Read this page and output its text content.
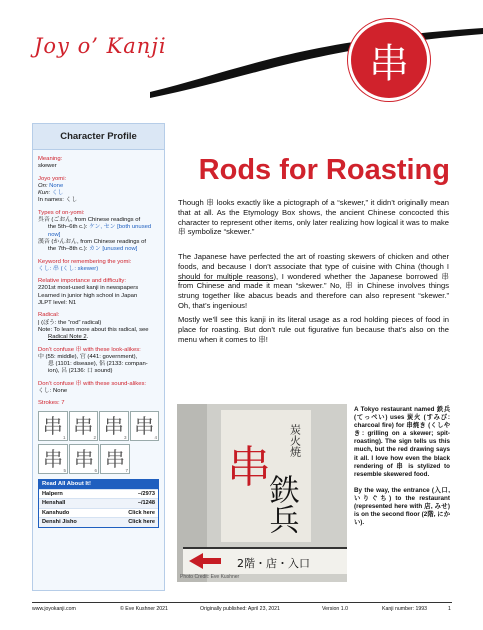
Joy o’ Kanji	串
Character Profile
Meaning:
skewer
Joyo yomi:
On: None
Kun: くし
In names: くし
Types of on-yomi:
呉音 (ごおん, from Chinese readings of
the 5th–6th c.): ケン, セン [both unused now]
漢音 (かんおん, from Chinese readings of
the 7th–8th c.): カン [unused now]
Keyword for remembering the yomi:
くし: 串 (くし: skewer)
Relative importance and difficulty:
2201st most-used kanji in newspapers
Learned in junior high school in Japan
JLPT level: N1
Radical:
| (ぼう: the “rod” radical)
Note: To learn more about this radical, see
Radical Note 2.
Don’t confuse 串 with these look-alikes:
中 (55: middle), 官 (441: government),
患 (1101: disease), 侶 (2133: compan-
ion), 呂 (2136: 口 sound)
Don’t confuse 串 with these sound-alikes:
くし: None
Strokes: 7
串 1 串 2 串 3 串 4
串 5 串 6 串 7
Read All About It!
Halpern	–/2973
Henshall	–/1248
Kanshudo	Click here
Denshi Jisho	Click here
Rods for Roasting

Though 串 looks exactly like a pictograph of a “skewer,” it didn’t originally mean that at all. As the Etymology Box shows, the ancient Chinese concocted this character to represent other items, only later realizing how logical it was to make 串 symbolize “skewer.”

The Japanese have perfected the art of roasting skewers of chicken and other foods, and because I don’t associate that type of cuisine with China (though I should for multiple reasons), I wondered whether the Japanese borrowed 串 from Chinese and made it mean “skewer.” No, 串 in Chinese involves things strung together like abacus beads and therefore can also represent “skewer.” Oh, that’s ingenious!

Mostly we’ll see this kanji in its literal usage as a rod holding pieces of food in place for roasting. But don’t rule out figurative fun because that’s also on the menu when it comes to 串!

炭火焼
串
鉄兵
2階・店・入口
Photo Credit: Eve Kushner

A Tokyo restaurant named 鉄兵 (てっぺい) uses 炭火 (すみび: charcoal fire) for 串焼き (くしやき: grilling on a skewer; spit-roasting). The sign tells us this much, but the red drawing says it all. I love how even the black rendering of 串 is stylized to resemble skewered food.

By the way, the entrance (入口, いりぐち) to the restaurant (represented here with 店, みせ) is on the second floor (2階, にかい).

www.joyokanji.com	© Eve Kushner 2021	Originally published: April 23, 2021	Version 1.0	Kanji number: 1993	1
